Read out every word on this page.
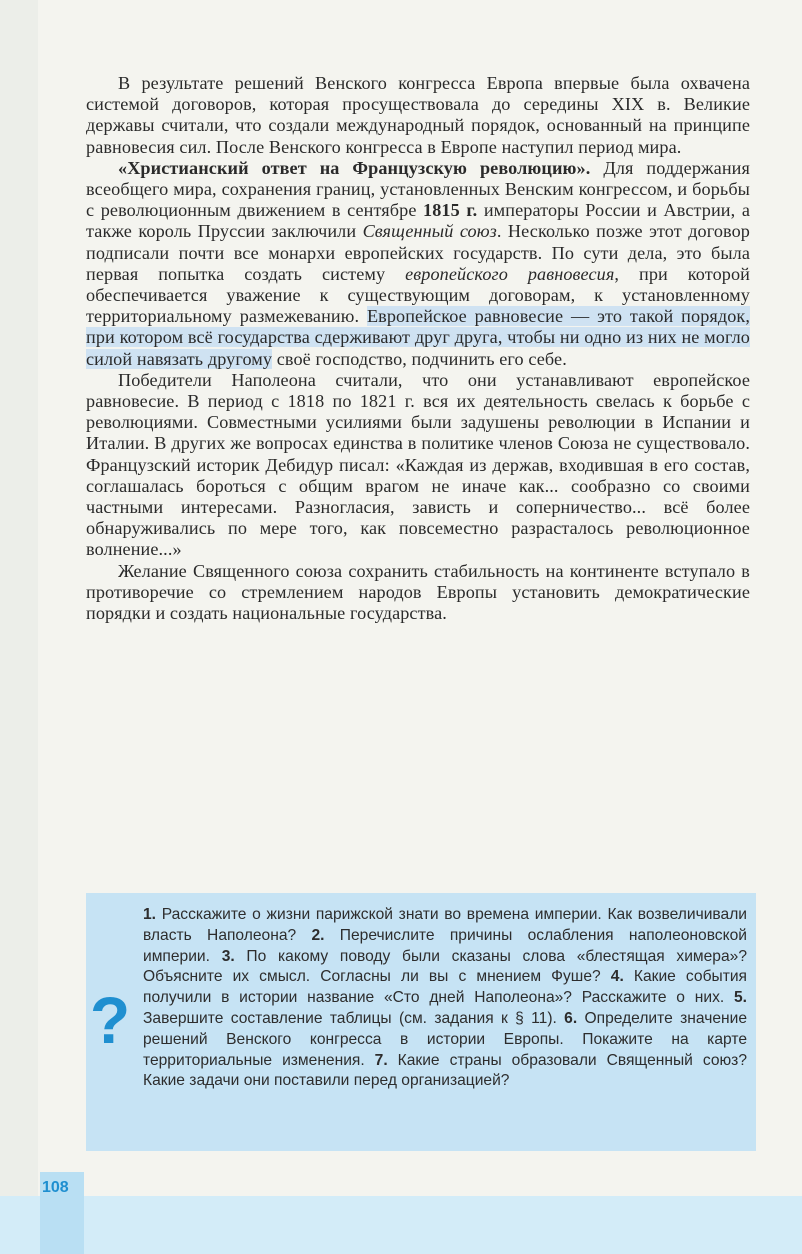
В результате решений Венского конгресса Европа впервые была охвачена системой договоров, которая просуществовала до середины XIX в. Великие державы считали, что создали международный порядок, основанный на принципе равновесия сил. После Венского конгресса в Европе наступил период мира.

«Христианский ответ на Французскую революцию». Для поддержания всеобщего мира, сохранения границ, установленных Венским конгрессом, и борьбы с революционным движением в сентябре 1815 г. императоры России и Австрии, а также король Пруссии заключили Священный союз. Несколько позже этот договор подписали почти все монархи европейских государств. По сути дела, это была первая попытка создать систему европейского равновесия, при которой обеспечивается уважение к существующим договорам, к установленному территориальному размежеванию. Европейское равновесие — это такой порядок, при котором всё государства сдерживают друг друга, чтобы ни одно из них не могло силой навязать другому своё господство, подчинить его себе.

Победители Наполеона считали, что они устанавливают европейское равновесие. В период с 1818 по 1821 г. вся их деятельность свелась к борьбе с революциями. Совместными усилиями были задушены революции в Испании и Италии. В других же вопросах единства в политике членов Союза не существовало. Французский историк Дебидур писал: «Каждая из держав, входившая в его состав, соглашалась бороться с общим врагом не иначе как... сообразно со своими частными интересами. Разногласия, зависть и соперничество... всё более обнаруживались по мере того, как повсеместно разрасталось революционное волнение...»

Желание Священного союза сохранить стабильность на континенте вступало в противоречие со стремлением народов Европы установить демократические порядки и создать национальные государства.

?
1. Расскажите о жизни парижской знати во времена империи. Как возвеличивали власть Наполеона? 2. Перечислите причины ослабления наполеоновской империи. 3. По какому поводу были сказаны слова «блестящая химера»? Объясните их смысл. Согласны ли вы с мнением Фуше? 4. Какие события получили в истории название «Сто дней Наполеона»? Расскажите о них. 5. Завершите составление таблицы (см. задания к § 11). 6. Определите значение решений Венского конгресса в истории Европы. Покажите на карте территориальные изменения. 7. Какие страны образовали Священный союз? Какие задачи они поставили перед организацией?
108
